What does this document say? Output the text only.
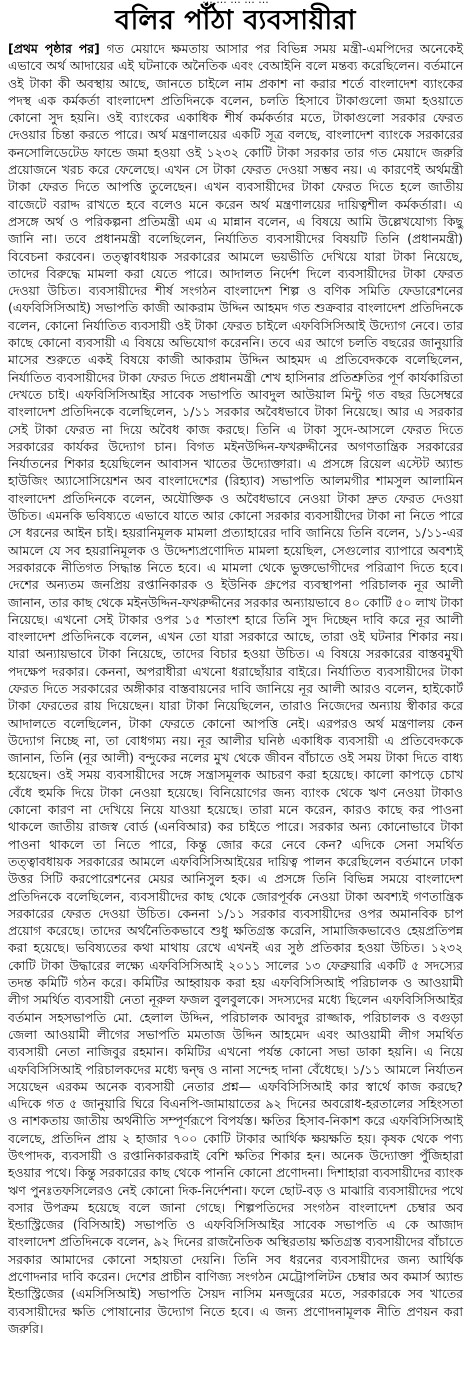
বলির পাঁঠা ব্যবসায়ীরা

[প্রথম পৃষ্ঠার পর] গত মেয়াদে ক্ষমতায় আসার পর বিভিন্ন সময় মন্ত্রী-এমপিদের অনেকেই এভাবে অর্থ আদায়ের এই ঘটনাকে অনৈতিক এবং বেআইনি বলে মন্তব্য করেছিলেন। বর্তমানে ওই টাকা কী অবস্থায় আছে, জানতে চাইলে নাম প্রকাশ না করার শর্তে বাংলাদেশ ব্যাংকের পদস্থ এক কর্মকর্তা বাংলাদেশ প্রতিদিনকে বলেন, চলতি হিসাবে টাকাগুলো জমা হওয়াতে কোনো সুদ হয়নি। ওই ব্যাংকের একাধিক শীর্ষ কর্মকর্তার মতে, টাকাগুলো সরকার ফেরত দেওয়ার চিন্তা করতে পারে। অর্থ মন্ত্রণালয়ের একটি সূত্র বলছে, বাংলাদেশ ব্যাংকে সরকারের কনসোলিডেটেড ফান্ডে জমা হওয়া ওই ১২৩২ কোটি টাকা সরকার তার গত মেয়াদে জরুরি প্রয়োজনে খরচ করে ফেলেছে। এখন সে টাকা ফেরত দেওয়া সম্ভব নয়। এ কারণেই অর্থমন্ত্রী টাকা ফেরত দিতে আপত্তি তুলেছেন। এখন ব্যবসায়ীদের টাকা ফেরত দিতে হলে জাতীয় বাজেটে বরাদ্দ রাখতে হবে বলেও মনে করেন অর্থ মন্ত্রণালয়ের দায়িত্বশীল কর্মকর্তারা। এ প্রসঙ্গে অর্থ ও পরিকল্পনা প্রতিমন্ত্রী এম এ মান্নান বলেন, এ বিষয়ে আমি উল্লেখযোগ্য কিছু জানি না। তবে প্রধানমন্ত্রী বলেছিলেন, নির্যাতিত ব্যবসায়ীদের বিষয়টি তিনি (প্রধানমন্ত্রী) বিবেচনা করবেন। তত্ত্বাবধায়ক সরকারের আমলে ভয়ভীতি দেখিয়ে যারা টাকা নিয়েছে, তাদের বিরুদ্ধে মামলা করা যেতে পারে। আদালত নির্দেশ দিলে ব্যবসায়ীদের টাকা ফেরত দেওয়া উচিত। ব্যবসায়ীদের শীর্ষ সংগঠন বাংলাদেশ শিল্প ও বণিক সমিতি ফেডারেশনের (এফবিসিসিআই) সভাপতি কাজী আকরাম উদ্দিন আহমদ গত শুক্রবার বাংলাদেশ প্রতিদিনকে বলেন, কোনো নির্যাতিত ব্যবসায়ী ওই টাকা ফেরত চাইলে এফবিসিসিআই উদ্যোগ নেবে। তার কাছে কোনো ব্যবসায়ী এ বিষয়ে অভিযোগ করেননি। তবে এর আগে চলতি বছরের জানুয়ারি মাসের শুরুতে একই বিষয়ে কাজী আকরাম উদ্দিন আহমদ এ প্রতিবেদককে বলেছিলেন, নির্যাতিত ব্যবসায়ীদের টাকা ফেরত দিতে প্রধানমন্ত্রী শেখ হাসিনার প্রতিশ্রুতির পূর্ণ কার্যকারিতা দেখতে চাই। এফবিসিসিআইর সাবেক সভাপতি আবদুল আউয়াল মিন্টু গত বছর ডিসেম্বরে বাংলাদেশ প্রতিদিনকে বলেছিলেন, ১/১১ সরকার অবৈধভাবে টাকা নিয়েছে। আর এ সরকার সেই টাকা ফেরত না দিয়ে অবৈধ কাজ করছে। তিনি এ টাকা সুদে-আসলে ফেরত দিতে সরকারের কার্যকর উদ্যোগ চান। বিগত মইনউদ্দিন-ফখরুদ্দীনের অগণতান্ত্রিক সরকারের নির্যাতনের শিকার হয়েছিলেন আবাসন খাতের উদ্যোক্তারা। এ প্রসঙ্গে রিয়েল এস্টেট অ্যান্ড হাউজিং অ্যাসোসিয়েশন অব বাংলাদেশের (রিহ্যাব) সভাপতি আলমগীর শামসুল আলামিন বাংলাদেশ প্রতিদিনকে বলেন, অযৌক্তিক ও অবৈধভাবে নেওয়া টাকা দ্রুত ফেরত দেওয়া উচিত। এমনকি ভবিষ্যতে এভাবে যাতে আর কোনো সরকার ব্যবসায়ীদের টাকা না নিতে পারে সে ধরনের আইন চাই। হয়রানিমূলক মামলা প্রত্যাহারের দাবি জানিয়ে তিনি বলেন, ১/১১-এর আমলে যে সব হয়রানিমূলক ও উদ্দেশ্যপ্রণোদিত মামলা হয়েছিল, সেগুলোর ব্যাপারে অবশ্যই সরকারকে নীতিগত সিদ্ধান্ত নিতে হবে। এ মামলা থেকে ভুক্তভোগীদের পরিত্রাণ দিতে হবে। দেশের অন্যতম জনপ্রিয় রপ্তানিকারক ও ইউনিক গ্রুপের ব্যবস্থাপনা পরিচালক নূর আলী জানান, তার কাছ থেকে মইনউদ্দিন-ফখরুদ্দীনের সরকার অন্যায়ভাবে ৪০ কোটি ৫০ লাখ টাকা নিয়েছে। এখনো সেই টাকার ওপর ১৫ শতাংশ হারে তিনি সুদ দিচ্ছেন দাবি করে নূর আলী বাংলাদেশ প্রতিদিনকে বলেন, এখন তো যারা সরকারে আছে, তারা ওই ঘটনার শিকার নয়। যারা অন্যায়ভাবে টাকা নিয়েছে, তাদের বিচার হওয়া উচিত। এ বিষয়ে সরকারের বাস্তবমুখী পদক্ষেপ দরকার। কেননা, অপরাধীরা এখনো ধরাছোঁয়ার বাইরে। নির্যাতিত ব্যবসায়ীদের টাকা ফেরত দিতে সরকারের অঙ্গীকার বাস্তবায়নের দাবি জানিয়ে নূর আলী আরও বলেন, হাইকোর্ট টাকা ফেরতের রায় দিয়েছেন। যারা টাকা নিয়েছিলেন, তারাও নিজেদের অন্যায় স্বীকার করে আদালতে বলেছিলেন, টাকা ফেরতে কোনো আপত্তি নেই। এরপরও অর্থ মন্ত্রণালয় কেন উদ্যোগ নিচ্ছে না, তা বোধগম্য নয়। নূর আলীর ঘনিষ্ঠ একাধিক ব্যবসায়ী এ প্রতিবেদককে জানান, তিনি (নূর আলী) বন্দুকের নলের মুখ থেকে জীবন বাঁচাতে ওই সময় টাকা দিতে বাধ্য হয়েছেন। ওই সময় ব্যবসায়ীদের সঙ্গে সন্ত্রাসমূলক আচরণ করা হয়েছে। কালো কাপড়ে চোখ বেঁধে হুমকি দিয়ে টাকা নেওয়া হয়েছে। বিনিয়োগের জন্য ব্যাংক থেকে ঋণ নেওয়া টাকাও কোনো কারণ না দেখিয়ে নিয়ে যাওয়া হয়েছে। তারা মনে করেন, কারও কাছে কর পাওনা থাকলে জাতীয় রাজস্ব বোর্ড (এনবিআর) কর চাইতে পারে। সরকার অন্য কোনোভাবে টাকা পাওনা থাকলে তা নিতে পারে, কিন্তু জোর করে নেবে কেন? এদিকে সেনা সমর্থিত তত্ত্বাবধায়ক সরকারের আমলে এফবিসিসিআইয়ের দায়িত্ব পালন করেছিলেন বর্তমানে ঢাকা উত্তর সিটি করপোরেশনের মেয়র আনিসুল হক। এ প্রসঙ্গে তিনি বিভিন্ন সময়ে বাংলাদেশ প্রতিদিনকে বলেছিলেন, ব্যবসায়ীদের কাছ থেকে জোরপূর্বক নেওয়া টাকা অবশ্যই গণতান্ত্রিক সরকারের ফেরত দেওয়া উচিত। কেননা ১/১১ সরকার ব্যবসায়ীদের ওপর অমানবিক চাপ প্রয়োগ করেছে। তাদের অর্থনৈতিকভাবে শুধু ক্ষতিগ্রস্ত করেনি, সামাজিকভাবেও হেয়প্রতিপন্ন করা হয়েছে। ভবিষ্যতের কথা মাথায় রেখে এখনই এর সুষ্ঠ প্রতিকার হওয়া উচিত। ১২৩২ কোটি টাকা উদ্ধারের লক্ষ্যে এফবিসিসিআই ২০১১ সালের ১৩ ফেব্রুয়ারি একটি ৫ সদস্যের তদন্ত কমিটি গঠন করে। কমিটির আহ্বায়ক করা হয় এফবিসিসিআই পরিচালক ও আওয়ামী লীগ সমর্থিত ব্যবসায়ী নেতা নূরুল ফজল বুলবুলকে। সদস্যদের মধ্যে ছিলেন এফবিসিসিআইর বর্তমান সহসভাপতি মো. হেলাল উদ্দিন, পরিচালক আবদুর রাজ্জাক, পরিচালক ও বগুড়া জেলা আওয়ামী লীগের সভাপতি মমতাজ উদ্দিন আহমেদ এবং আওয়ামী লীগ সমর্থিত ব্যবসায়ী নেতা নাজিবুর রহমান। কমিটির এখনো পর্যন্ত কোনো সভা ডাকা হয়নি। এ নিয়ে এফবিসিসিআই পরিচালকদের মধ্যে দ্বন্দ্ব ও নানা সন্দেহ দানা বেঁধেছে। ১/১১ আমলে নির্যাতন সয়েছেন এরকম অনেক ব্যবসায়ী নেতার প্রশ্ন— এফবিসিসিআই কার স্বার্থে কাজ করছে? এদিকে গত ৫ জানুয়ারি ঘিরে বিএনপি-জামায়াতের ৯২ দিনের অবরোধ-হরতালের সহিংসতা ও নাশকতায় জাতীয় অর্থনীতি সম্পূর্ণরূপে বিপর্যস্ত। ক্ষতির হিসাব-নিকাশ করে এফবিসিসিআই বলেছে, প্রতিদিন প্রায় ২ হাজার ৭০০ কোটি টাকার আর্থিক ক্ষয়ক্ষতি হয়। কৃষক থেকে পণ্য উৎপাদক, ব্যবসায়ী ও রপ্তানিকারকরাই বেশি ক্ষতির শিকার হন। অনেক উদ্যোক্তা পুঁজিহারা হওয়ার পথে। কিন্তু সরকারের কাছ থেকে পাননি কোনো প্রণোদনা। দিশাহারা ব্যবসায়ীদের ব্যাংক ঋণ পুনঃতফসিলেরও নেই কোনো দিক-নির্দেশনা। ফলে ছোট-বড় ও মাঝারি ব্যবসায়ীদের পথে বসার উপক্রম হয়েছে বলে জানা গেছে। শিল্পপতিদের সংগঠন বাংলাদেশ চেম্বার অব ইন্ডাস্ট্রিজের (বিসিআই) সভাপতি ও এফবিসিসিআইর সাবেক সভাপতি এ কে আজাদ বাংলাদেশ প্রতিদিনকে বলেন, ৯২ দিনের রাজনৈতিক অস্থিরতায় ক্ষতিগ্রস্ত ব্যবসায়ীদের বাঁচাতে সরকার আমাদের কোনো সহায়তা দেয়নি। তিনি সব ধরনের ব্যবসায়ীদের জন্য আর্থিক প্রণোদনার দাবি করেন। দেশের প্রাচীন বাণিজ্য সংগঠন মেট্রোপলিটন চেম্বার অব কমার্স অ্যান্ড ইন্ডাস্ট্রিজের (এমসিসিআই) সভাপতি সৈয়দ নাসিম মনজুরের মতে, সরকারকে সব খাতের ব্যবসায়ীদের ক্ষতি পোষানোর উদ্যোগ নিতে হবে। এ জন্য প্রণোদনামূলক নীতি প্রণয়ন করা জরুরি।
